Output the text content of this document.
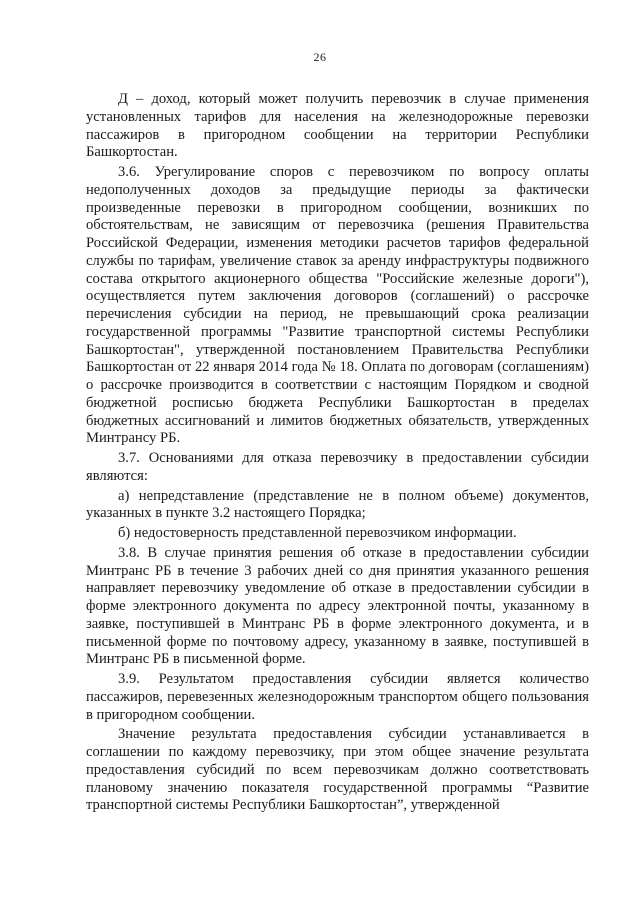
26

Д – доход, который может получить перевозчик в случае применения установленных тарифов для населения на железнодорожные перевозки пассажиров в пригородном сообщении на территории Республики Башкортостан.

3.6. Урегулирование споров с перевозчиком по вопросу оплаты недополученных доходов за предыдущие периоды за фактически произведенные перевозки в пригородном сообщении, возникших по обстоятельствам, не зависящим от перевозчика (решения Правительства Российской Федерации, изменения методики расчетов тарифов федеральной службы по тарифам, увеличение ставок за аренду инфраструктуры подвижного состава открытого акционерного общества "Российские железные дороги"), осуществляется путем заключения договоров (соглашений) о рассрочке перечисления субсидии на период, не превышающий срока реализации государственной программы "Развитие транспортной системы Республики Башкортостан", утвержденной постановлением Правительства Республики Башкортостан от 22 января 2014 года № 18. Оплата по договорам (соглашениям) о рассрочке производится в соответствии с настоящим Порядком и сводной бюджетной росписью бюджета Республики Башкортостан в пределах бюджетных ассигнований и лимитов бюджетных обязательств, утвержденных Минтрансу РБ.

3.7. Основаниями для отказа перевозчику в предоставлении субсидии являются:

а) непредставление (представление не в полном объеме) документов, указанных в пункте 3.2 настоящего Порядка;

б) недостоверность представленной перевозчиком информации.

3.8. В случае принятия решения об отказе в предоставлении субсидии Минтранс РБ в течение 3 рабочих дней со дня принятия указанного решения направляет перевозчику уведомление об отказе в предоставлении субсидии в форме электронного документа по адресу электронной почты, указанному в заявке, поступившей в Минтранс РБ в форме электронного документа, и в письменной форме по почтовому адресу, указанному в заявке, поступившей в Минтранс РБ в письменной форме.

3.9. Результатом предоставления субсидии является количество пассажиров, перевезенных железнодорожным транспортом общего пользования в пригородном сообщении.

Значение результата предоставления субсидии устанавливается в соглашении по каждому перевозчику, при этом общее значение результата предоставления субсидий по всем перевозчикам должно соответствовать плановому значению показателя государственной программы “Развитие транспортной системы Республики Башкортостан”, утвержденной
